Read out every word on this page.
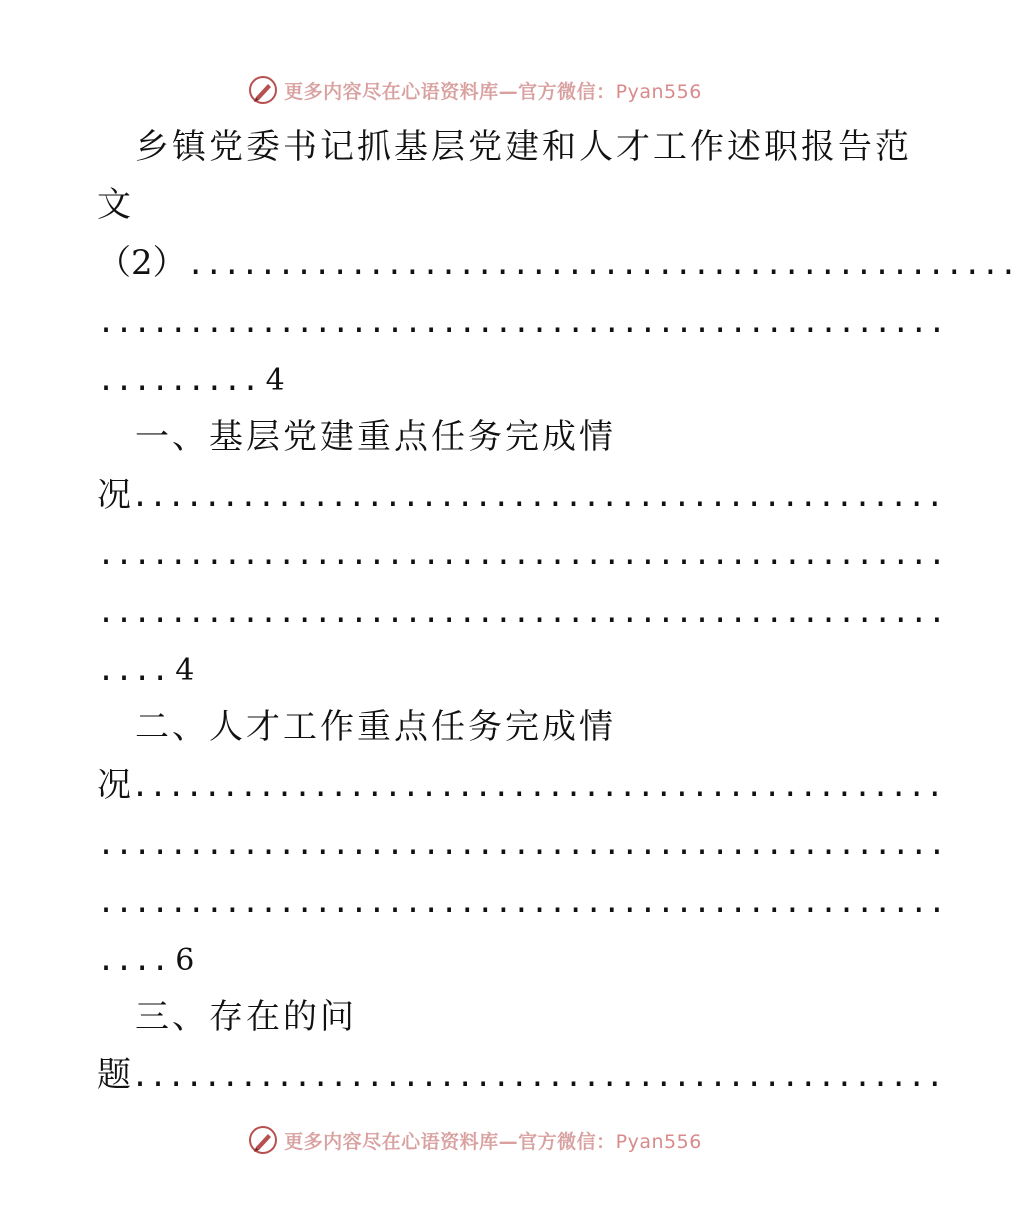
更多内容尽在心语资料库—官方微信：Pyan556
乡镇党委书记抓基层党建和人才工作述职报告范
文
（2）..............................................
...............................................
......... 4
一、基层党建重点任务完成情
况.............................................
...............................................
...............................................
.... 4
二、人才工作重点任务完成情
况.............................................
...............................................
...............................................
.... 6
三、存在的问
题.............................................
更多内容尽在心语资料库—官方微信：Pyan556
